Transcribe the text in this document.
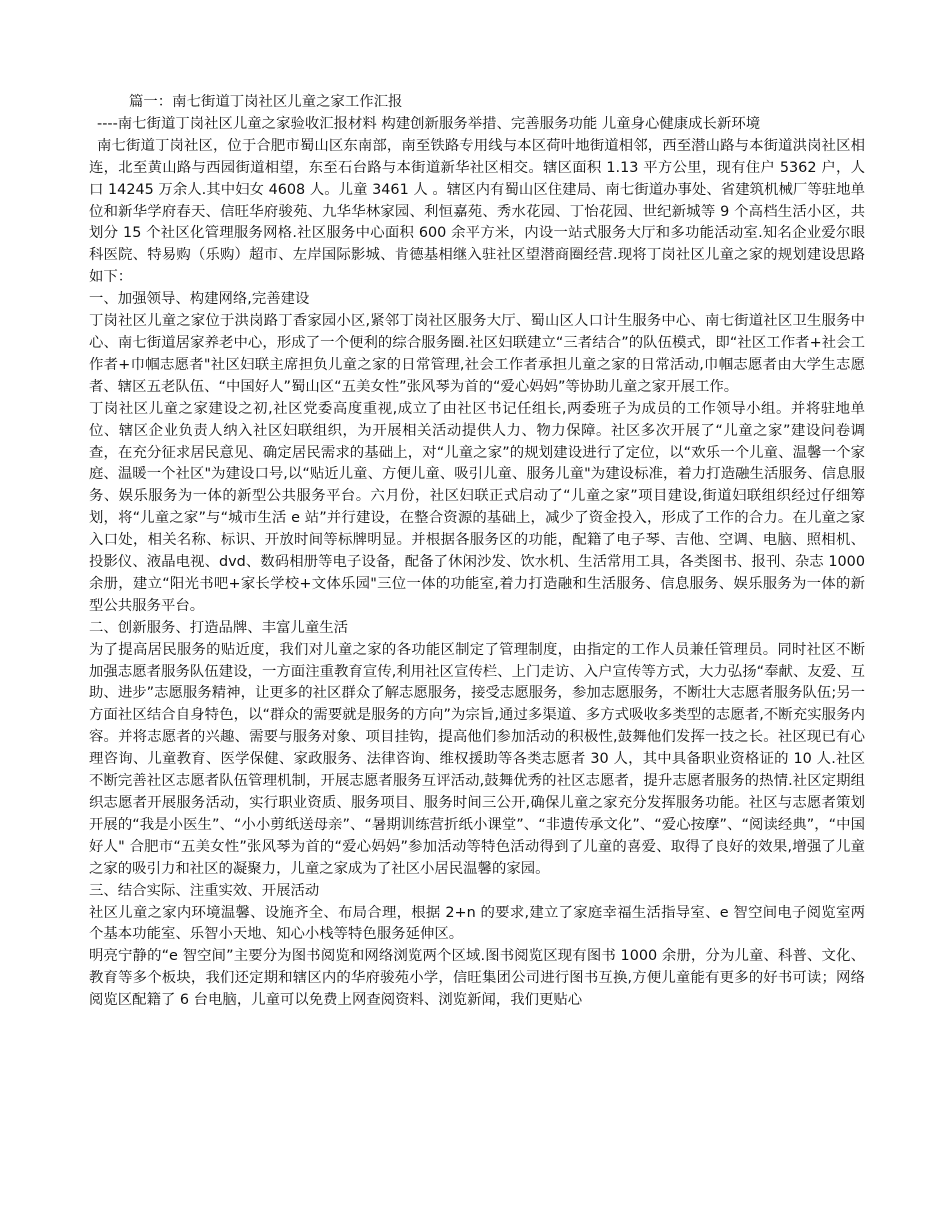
篇一：南七街道丁岗社区儿童之家工作汇报

----南七街道丁岗社区儿童之家验收汇报材料 构建创新服务举措、完善服务功能 儿童身心健康成长新环境

南七街道丁岗社区，位于合肥市蜀山区东南部，南至铁路专用线与本区荷叶地街道相邻，西至潜山路与本街道洪岗社区相连，北至黄山路与西园街道相望，东至石台路与本街道新华社区相交。辖区面积 1.13 平方公里，现有住户 5362 户，人口 14245 万余人.其中妇女 4608 人。儿童 3461 人 。辖区内有蜀山区住建局、南七街道办事处、省建筑机械厂等驻地单位和新华学府春天、信旺华府骏苑、九华华林家园、利恒嘉苑、秀水花园、丁怡花园、世纪新城等 9 个高档生活小区，共划分 15 个社区化管理服务网格.社区服务中心面积 600 余平方米，内设一站式服务大厅和多功能活动室.知名企业爱尔眼科医院、特易购（乐购）超市、左岸国际影城、肯德基相继入驻社区望潜商圈经营.现将丁岗社区儿童之家的规划建设思路如下：

一、加强领导、构建网络,完善建设

丁岗社区儿童之家位于洪岗路丁香家园小区,紧邻丁岗社区服务大厅、蜀山区人口计生服务中心、南七街道社区卫生服务中心、南七街道居家养老中心，形成了一个便利的综合服务圈.社区妇联建立“三者结合”的队伍模式，即“社区工作者+社会工作者+巾帼志愿者"社区妇联主席担负儿童之家的日常管理,社会工作者承担儿童之家的日常活动,巾帼志愿者由大学生志愿者、辖区五老队伍、“中国好人”蜀山区“五美女性”张风琴为首的“爱心妈妈”等协助儿童之家开展工作。

丁岗社区儿童之家建设之初,社区党委高度重视,成立了由社区书记任组长,两委班子为成员的工作领导小组。并将驻地单位、辖区企业负责人纳入社区妇联组织，为开展相关活动提供人力、物力保障。社区多次开展了“儿童之家”建设问卷调查，在充分征求居民意见、确定居民需求的基础上，对“儿童之家”的规划建设进行了定位，以“欢乐一个儿童、温馨一个家庭、温暖一个社区"为建设口号,以“贴近儿童、方便儿童、吸引儿童、服务儿童"为建设标准，着力打造融生活服务、信息服务、娱乐服务为一体的新型公共服务平台。六月份，社区妇联正式启动了“儿童之家”项目建设,街道妇联组织经过仔细筹划，将“儿童之家”与“城市生活 e 站”并行建设，在整合资源的基础上，减少了资金投入，形成了工作的合力。在儿童之家入口处，相关名称、标识、开放时间等标牌明显。并根据各服务区的功能，配籍了电子琴、吉他、空调、电脑、照相机、投影仪、液晶电视、dvd、数码相册等电子设备，配备了休闲沙发、饮水机、生活常用工具，各类图书、报刊、杂志 1000余册，建立“阳光书吧+家长学校+文体乐园"三位一体的功能室,着力打造融和生活服务、信息服务、娱乐服务为一体的新型公共服务平台。

二、创新服务、打造品牌、丰富儿童生活

为了提高居民服务的贴近度，我们对儿童之家的各功能区制定了管理制度，由指定的工作人员兼任管理员。同时社区不断加强志愿者服务队伍建设，一方面注重教育宣传,利用社区宣传栏、上门走访、入户宣传等方式，大力弘扬“奉献、友爱、互助、进步”志愿服务精神，让更多的社区群众了解志愿服务，接受志愿服务，参加志愿服务，不断壮大志愿者服务队伍;另一方面社区结合自身特色，以“群众的需要就是服务的方向”为宗旨,通过多渠道、多方式吸收多类型的志愿者,不断充实服务内容。并将志愿者的兴趣、需要与服务对象、项目挂钩，提高他们参加活动的积极性,鼓舞他们发挥一技之长。社区现已有心理咨询、儿童教育、医学保健、家政服务、法律咨询、维权援助等各类志愿者 30 人，其中具备职业资格证的 10 人.社区不断完善社区志愿者队伍管理机制，开展志愿者服务互评活动,鼓舞优秀的社区志愿者，提升志愿者服务的热情.社区定期组织志愿者开展服务活动，实行职业资质、服务项目、服务时间三公开,确保儿童之家充分发挥服务功能。社区与志愿者策划开展的“我是小医生”、“小小剪纸送母亲”、“暑期训练营折纸小课堂”、“非遗传承文化”、“爱心按摩”、“阅读经典”，“中国好人" 合肥市“五美女性”张风琴为首的“爱心妈妈”参加活动等特色活动得到了儿童的喜爱、取得了良好的效果,增强了儿童之家的吸引力和社区的凝聚力，儿童之家成为了社区小居民温馨的家园。

三、结合实际、注重实效、开展活动

社区儿童之家内环境温馨、设施齐全、布局合理，根据 2+n 的要求,建立了家庭幸福生活指导室、e 智空间电子阅览室两个基本功能室、乐智小天地、知心小栈等特色服务延伸区。

明亮宁静的“e 智空间”主要分为图书阅览和网络浏览两个区域.图书阅览区现有图书 1000 余册，分为儿童、科普、文化、教育等多个板块，我们还定期和辖区内的华府骏苑小学，信旺集团公司进行图书互换,方便儿童能有更多的好书可读；网络阅览区配籍了 6 台电脑，儿童可以免费上网查阅资料、浏览新闻，我们更贴心
